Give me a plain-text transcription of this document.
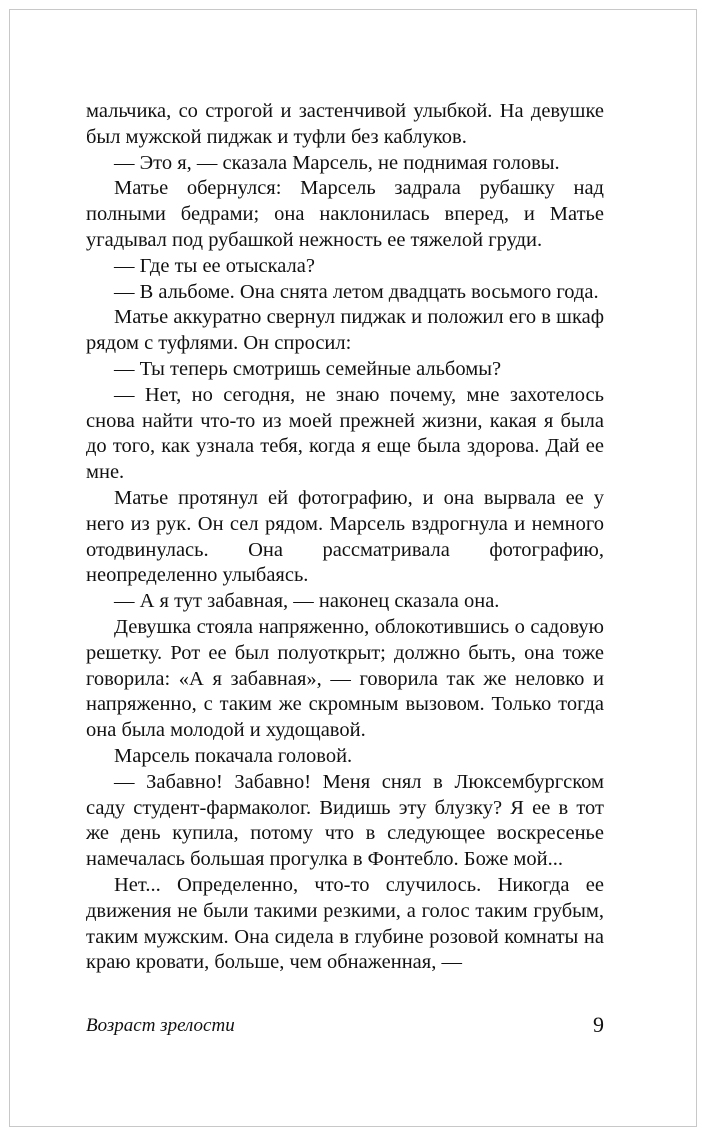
мальчика, со строгой и застенчивой улыбкой. На девушке был мужской пиджак и туфли без каблуков.

— Это я, — сказала Марсель, не поднимая головы.

Матье обернулся: Марсель задрала рубашку над полными бедрами; она наклонилась вперед, и Матье угадывал под рубашкой нежность ее тяжелой груди.

— Где ты ее отыскала?

— В альбоме. Она снята летом двадцать восьмого года.

Матье аккуратно свернул пиджак и положил его в шкаф рядом с туфлями. Он спросил:

— Ты теперь смотришь семейные альбомы?

— Нет, но сегодня, не знаю почему, мне захотелось снова найти что-то из моей прежней жизни, какая я была до того, как узнала тебя, когда я еще была здорова. Дай ее мне.

Матье протянул ей фотографию, и она вырвала ее у него из рук. Он сел рядом. Марсель вздрогнула и немного отодвинулась. Она рассматривала фотографию, неопределенно улыбаясь.

— А я тут забавная, — наконец сказала она.

Девушка стояла напряженно, облокотившись о садовую решетку. Рот ее был полуоткрыт; должно быть, она тоже говорила: «А я забавная», — говорила так же неловко и напряженно, с таким же скромным вызовом. Только тогда она была молодой и худощавой.

Марсель покачала головой.

— Забавно! Забавно! Меня снял в Люксембургском саду студент-фармаколог. Видишь эту блузку? Я ее в тот же день купила, потому что в следующее воскресенье намечалась большая прогулка в Фонтебло. Боже мой...

Нет... Определенно, что-то случилось. Никогда ее движения не были такими резкими, а голос таким грубым, таким мужским. Она сидела в глубине розовой комнаты на краю кровати, больше, чем обнаженная, —

Возраст зрелости	9
